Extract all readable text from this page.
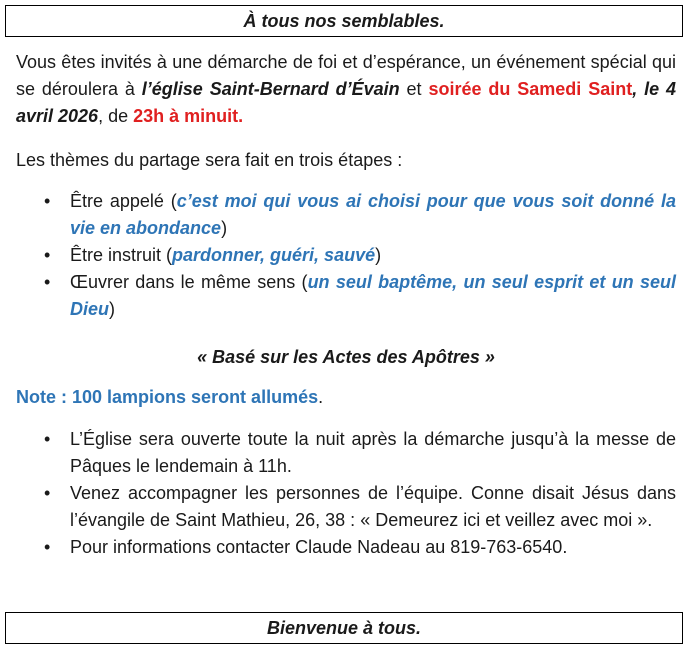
À tous nos semblables.
Vous êtes invités à une démarche de foi et d’espérance, un événement spécial qui se déroulera à l’église Saint-Bernard d’Évain et soirée du Samedi Saint, le 4 avril 2026, de 23h à minuit.
Les thèmes du partage sera fait en trois étapes :
• Être appelé (c’est moi qui vous ai choisi pour que vous soit donné la vie en abondance)
• Être instruit (pardonner, guéri, sauvé)
• Œuvrer dans le même sens (un seul baptême, un seul esprit et un seul Dieu)
« Basé sur les Actes des Apôtres »
Note : 100 lampions seront allumés.
• L’Église sera ouverte toute la nuit après la démarche jusqu’à la messe de Pâques le lendemain à 11h.
• Venez accompagner les personnes de l’équipe. Conne disait Jésus dans l’évangile de Saint Mathieu, 26, 38 : « Demeurez ici et veillez avec moi ».
• Pour informations contacter Claude Nadeau au 819-763-6540.
Bienvenue à tous.
